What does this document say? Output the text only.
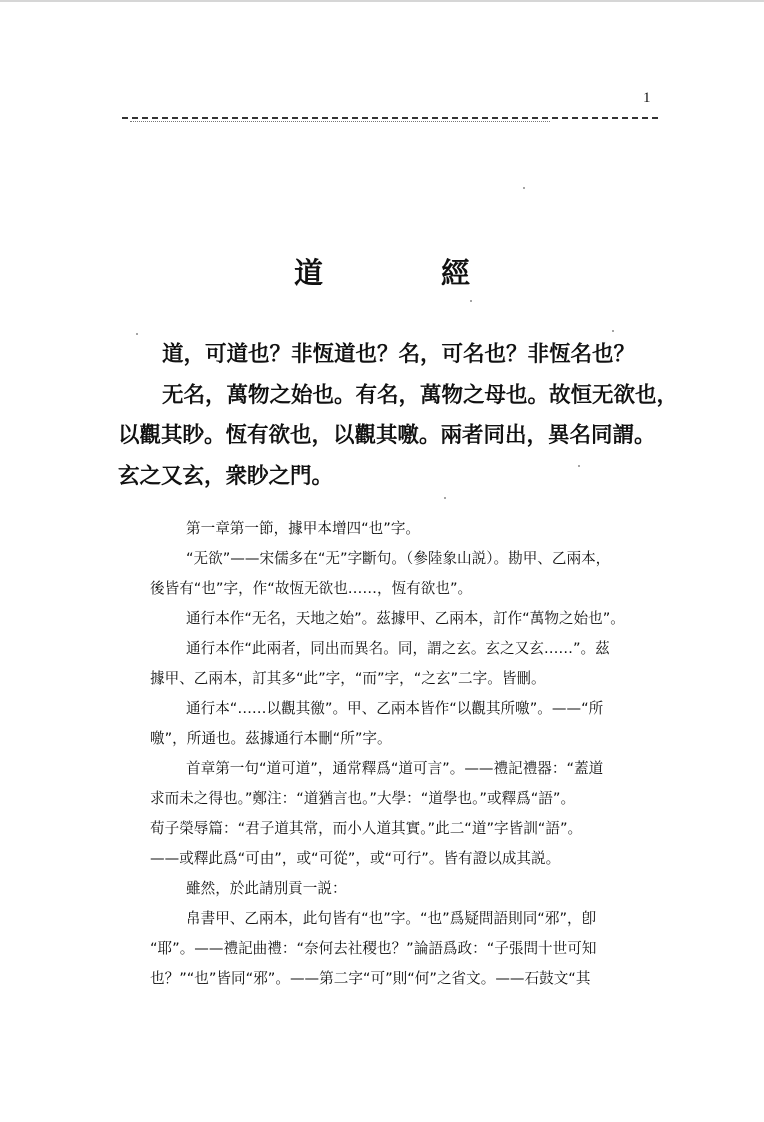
1
道 經

道，可道也？非恆道也？名，可名也？非恆名也？

无名，萬物之始也。有名，萬物之母也。故恒无欲也，

以觀其眇。恆有欲也，以觀其噭。兩者同出，異名同謂。

玄之又玄，衆眇之門。

第一章第一節，據甲本增四“也”字。

“无欲”——宋儒多在“无”字斷句。（參陸象山説）。勘甲、乙兩本，

後皆有“也”字，作“故恆无欲也……，恆有欲也”。

通行本作“无名，天地之始”。茲據甲、乙兩本，訂作“萬物之始也”。

通行本作“此兩者，同出而異名。同，謂之玄。玄之又玄……”。茲

據甲、乙兩本，訂其多“此”字，“而”字，“之玄”二字。皆刪。

通行本“……以觀其徼”。甲、乙兩本皆作“以觀其所噭”。——“所

噭”，所通也。茲據通行本刪“所”字。

首章第一句“道可道”，通常釋爲“道可言”。——禮記禮器：“蓋道

求而未之得也。”鄭注：“道猶言也。”大學：“道學也。”或釋爲“語”。

荀子榮辱篇：“君子道其常，而小人道其實。”此二“道”字皆訓“語”。

——或釋此爲“可由”，或“可從”，或“可行”。皆有證以成其説。

雖然，於此請別貢一説：

帛書甲、乙兩本，此句皆有“也”字。“也”爲疑問語則同“邪”，卽

“耶”。——禮記曲禮：“奈何去社稷也？”論語爲政：“子張問十世可知

也？”“也”皆同“邪”。——第二字“可”則“何”之省文。——石鼓文“其
